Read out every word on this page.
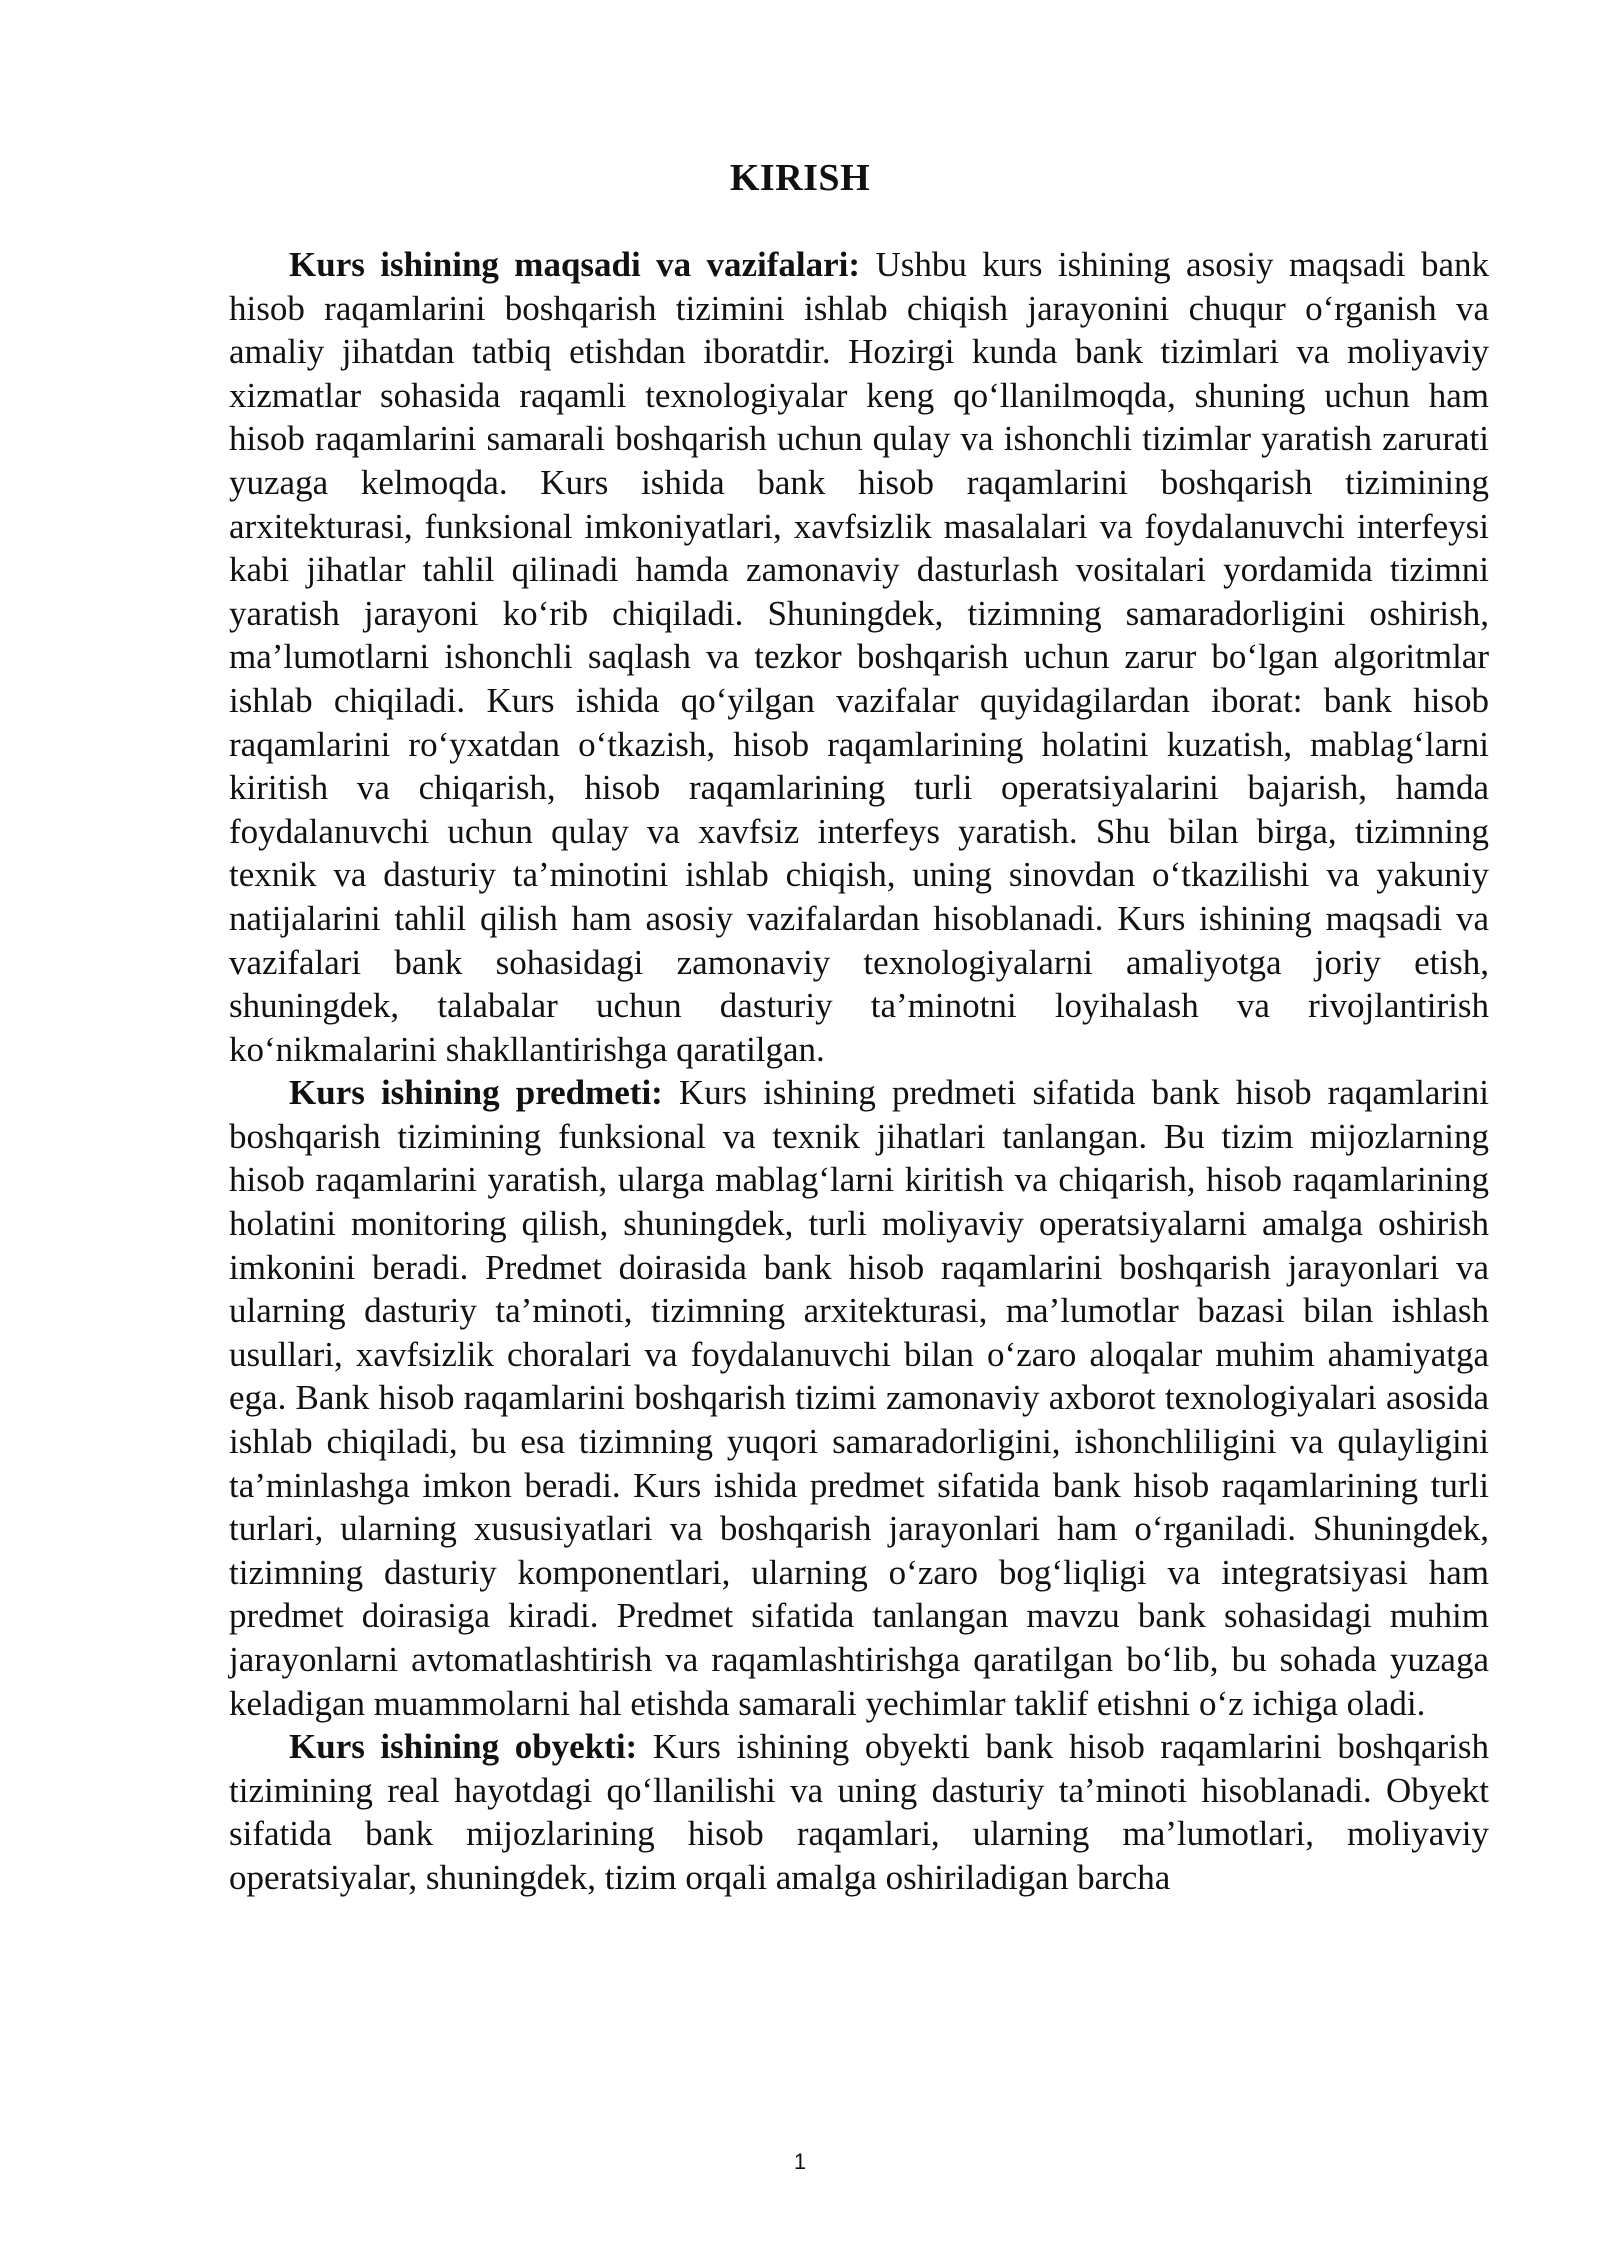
KIRISH

Kurs ishining maqsadi va vazifalari: Ushbu kurs ishining asosiy maqsadi bank hisob raqamlarini boshqarish tizimini ishlab chiqish jarayonini chuqur o‘rganish va amaliy jihatdan tatbiq etishdan iboratdir. Hozirgi kunda bank tizimlari va moliyaviy xizmatlar sohasida raqamli texnologiyalar keng qo‘llanilmoqda, shuning uchun ham hisob raqamlarini samarali boshqarish uchun qulay va ishonchli tizimlar yaratish zarurati yuzaga kelmoqda. Kurs ishida bank hisob raqamlarini boshqarish tizimining arxitekturasi, funksional imkoniyatlari, xavfsizlik masalalari va foydalanuvchi interfeysi kabi jihatlar tahlil qilinadi hamda zamonaviy dasturlash vositalari yordamida tizimni yaratish jarayoni ko‘rib chiqiladi. Shuningdek, tizimning samaradorligini oshirish, ma’lumotlarni ishonchli saqlash va tezkor boshqarish uchun zarur bo‘lgan algoritmlar ishlab chiqiladi. Kurs ishida qo‘yilgan vazifalar quyidagilardan iborat: bank hisob raqamlarini ro‘yxatdan o‘tkazish, hisob raqamlarining holatini kuzatish, mablag‘larni kiritish va chiqarish, hisob raqamlarining turli operatsiyalarini bajarish, hamda foydalanuvchi uchun qulay va xavfsiz interfeys yaratish. Shu bilan birga, tizimning texnik va dasturiy ta’minotini ishlab chiqish, uning sinovdan o‘tkazilishi va yakuniy natijalarini tahlil qilish ham asosiy vazifalardan hisoblanadi. Kurs ishining maqsadi va vazifalari bank sohasidagi zamonaviy texnologiyalarni amaliyotga joriy etish, shuningdek, talabalar uchun dasturiy ta’minotni loyihalash va rivojlantirish ko‘nikmalarini shakllantirishga qaratilgan.

Kurs ishining predmeti: Kurs ishining predmeti sifatida bank hisob raqamlarini boshqarish tizimining funksional va texnik jihatlari tanlangan. Bu tizim mijozlarning hisob raqamlarini yaratish, ularga mablag‘larni kiritish va chiqarish, hisob raqamlarining holatini monitoring qilish, shuningdek, turli moliyaviy operatsiyalarni amalga oshirish imkonini beradi. Predmet doirasida bank hisob raqamlarini boshqarish jarayonlari va ularning dasturiy ta’minoti, tizimning arxitekturasi, ma’lumotlar bazasi bilan ishlash usullari, xavfsizlik choralari va foydalanuvchi bilan o‘zaro aloqalar muhim ahamiyatga ega. Bank hisob raqamlarini boshqarish tizimi zamonaviy axborot texnologiyalari asosida ishlab chiqiladi, bu esa tizimning yuqori samaradorligini, ishonchliligini va qulayligini ta’minlashga imkon beradi. Kurs ishida predmet sifatida bank hisob raqamlarining turli turlari, ularning xususiyatlari va boshqarish jarayonlari ham o‘rganiladi. Shuningdek, tizimning dasturiy komponentlari, ularning o‘zaro bog‘liqligi va integratsiyasi ham predmet doirasiga kiradi. Predmet sifatida tanlangan mavzu bank sohasidagi muhim jarayonlarni avtomatlashtirish va raqamlashtirishga qaratilgan bo‘lib, bu sohada yuzaga keladigan muammolarni hal etishda samarali yechimlar taklif etishni o‘z ichiga oladi.

Kurs ishining obyekti: Kurs ishining obyekti bank hisob raqamlarini boshqarish tizimining real hayotdagi qo‘llanilishi va uning dasturiy ta’minoti hisoblanadi. Obyekt sifatida bank mijozlarining hisob raqamlari, ularning ma’lumotlari, moliyaviy operatsiyalar, shuningdek, tizim orqali amalga oshiriladigan barcha

1
